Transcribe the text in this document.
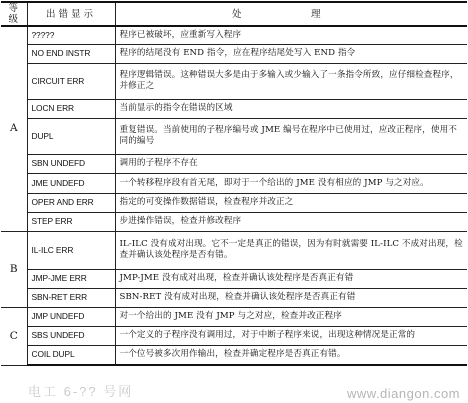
等级	出错显示	处　理
A	?????	程序已被破坏，应重新写入程序
	NO END INSTR	程序的结尾没有 END 指令，应在程序结尾处写入 END 指令
	CIRCUIT ERR	程序逻辑错误。这种错误大多是由于多输入或少输入了一条指令所致，应仔细检查程序，并修正之
	LOCN ERR	当前显示的指令在错误的区域
	DUPL	重复错误。当前使用的子程序编号或 JME 编号在程序中已使用过，应改正程序，使用不同的编号
	SBN UNDEFD	调用的子程序不存在
	JME UNDEFD	一个转移程序段有首无尾，即对于一个给出的 JME 没有相应的 JMP 与之对应。
	OPER AND ERR	指定的可变操作数据错误，检查程序并改正之
	STEP ERR	步进操作错误，检查并修改程序
B	IL-ILC ERR	IL-ILC 没有成对出现。它不一定是真正的错误，因为有时就需要 IL-ILC 不成对出现，检查并确认该处程序是否有错。
	JMP-JME ERR	JMP-JME 没有成对出现，检查并确认该处程序是否真正有错
	SBN-RET ERR	SBN-RET 没有成对出现，检查并确认该处程序是否真正有错
C	JMP UNDEFD	对一个给出的 JME 没有 JMP 与之对应，检查并改正程序
	SBS UNDEFD	一个定义的子程序没有调用过，对于中断子程序来说，出现这种情况是正常的
	COIL DUPL	一个位号被多次用作输出，检查并确定程序是否真正有错。
电工 6-?? 号网	www.diangon.com
